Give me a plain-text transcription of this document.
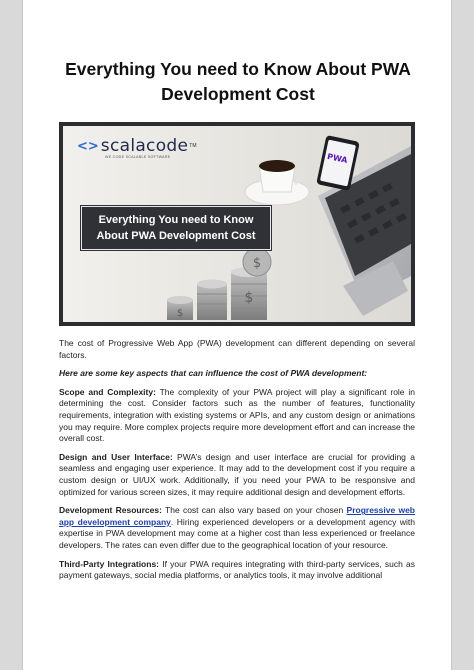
Everything You need to Know About PWA
Development Cost
$
$
$
<> scalacode TM
WE CODE SCALABLE SOFTWARE	PWA
Everything You need to Know
About PWA Development Cost

The cost of Progressive Web App (PWA) development can different depending on several factors.

Here are some key aspects that can influence the cost of PWA development:

Scope and Complexity: The complexity of your PWA project will play a significant role in determining the cost. Consider factors such as the number of features, functionality requirements, integration with existing systems or APIs, and any custom design or animations you may require. More complex projects require more development effort and can increase the overall cost.

Design and User Interface: PWA’s design and user interface are crucial for providing a seamless and engaging user experience. It may add to the development cost if you require a custom design or UI/UX work. Additionally, if you need your PWA to be responsive and optimized for various screen sizes, it may require additional design and development efforts.

Development Resources: The cost can also vary based on your chosen Progressive web app development company. Hiring experienced developers or a development agency with expertise in PWA development may come at a higher cost than less experienced or freelance developers. The rates can even differ due to the geographical location of your resource.

Third-Party Integrations: If your PWA requires integrating with third-party services, such as payment gateways, social media platforms, or analytics tools, it may involve additional
